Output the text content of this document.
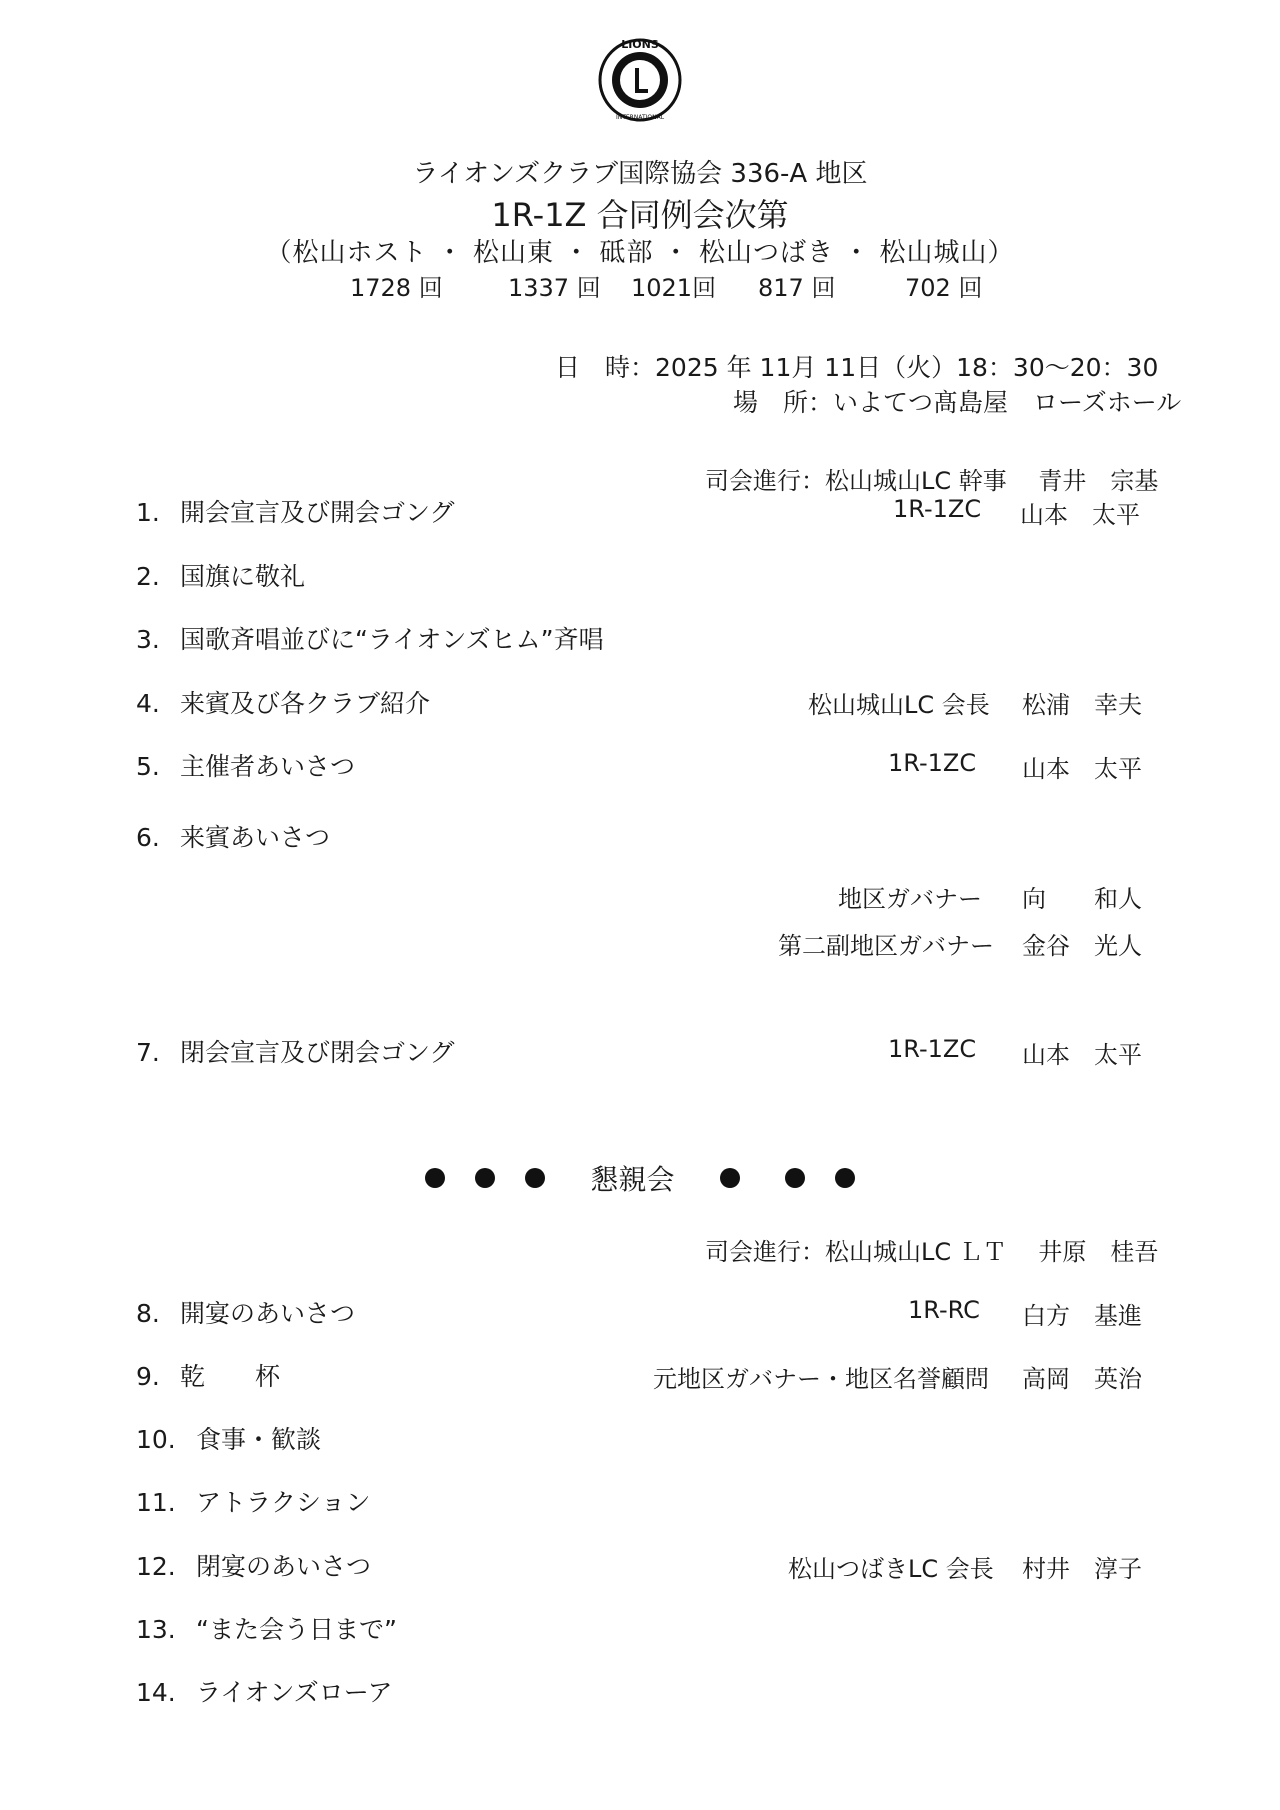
LIONS
INTERNATIONAL
ライオンズクラブ国際協会 336-A 地区
1R-1Z 合同例会次第
（松山ホスト ・ 松山東 ・ 砥部 ・ 松山つばき ・ 松山城山）
1728 回	1337 回 1021回 817 回	702 回
日　時：2025 年 11月 11日（火）18：30〜20：30
場　所：いよてつ髙島屋　ローズホール
司会進行：松山城山LC 幹事　 青井　宗基
1. 開会宣言及び開会ゴング	1R-1ZC 山本　太平
2. 国旗に敬礼
3. 国歌斉唱並びに“ライオンズヒム”斉唱
4. 来賓及び各クラブ紹介	松山城山LC 会長 松浦　幸夫
5. 主催者あいさつ	1R-1ZC 山本　太平
6. 来賓あいさつ
地区ガバナー 向　　和人
第二副地区ガバナー 金谷　光人
7. 閉会宣言及び閉会ゴング	1R-1ZC 山本　太平
懇親会
司会進行：松山城山LC ＬＴ　 井原　桂吾
8. 開宴のあいさつ	1R-RC 白方　基進
9. 乾　　杯	元地区ガバナー・地区名誉顧問 高岡　英治
10. 食事・歓談
11. アトラクション
12. 閉宴のあいさつ	松山つばきLC 会長 村井　淳子
13. “また会う日まで”
14. ライオンズローア
